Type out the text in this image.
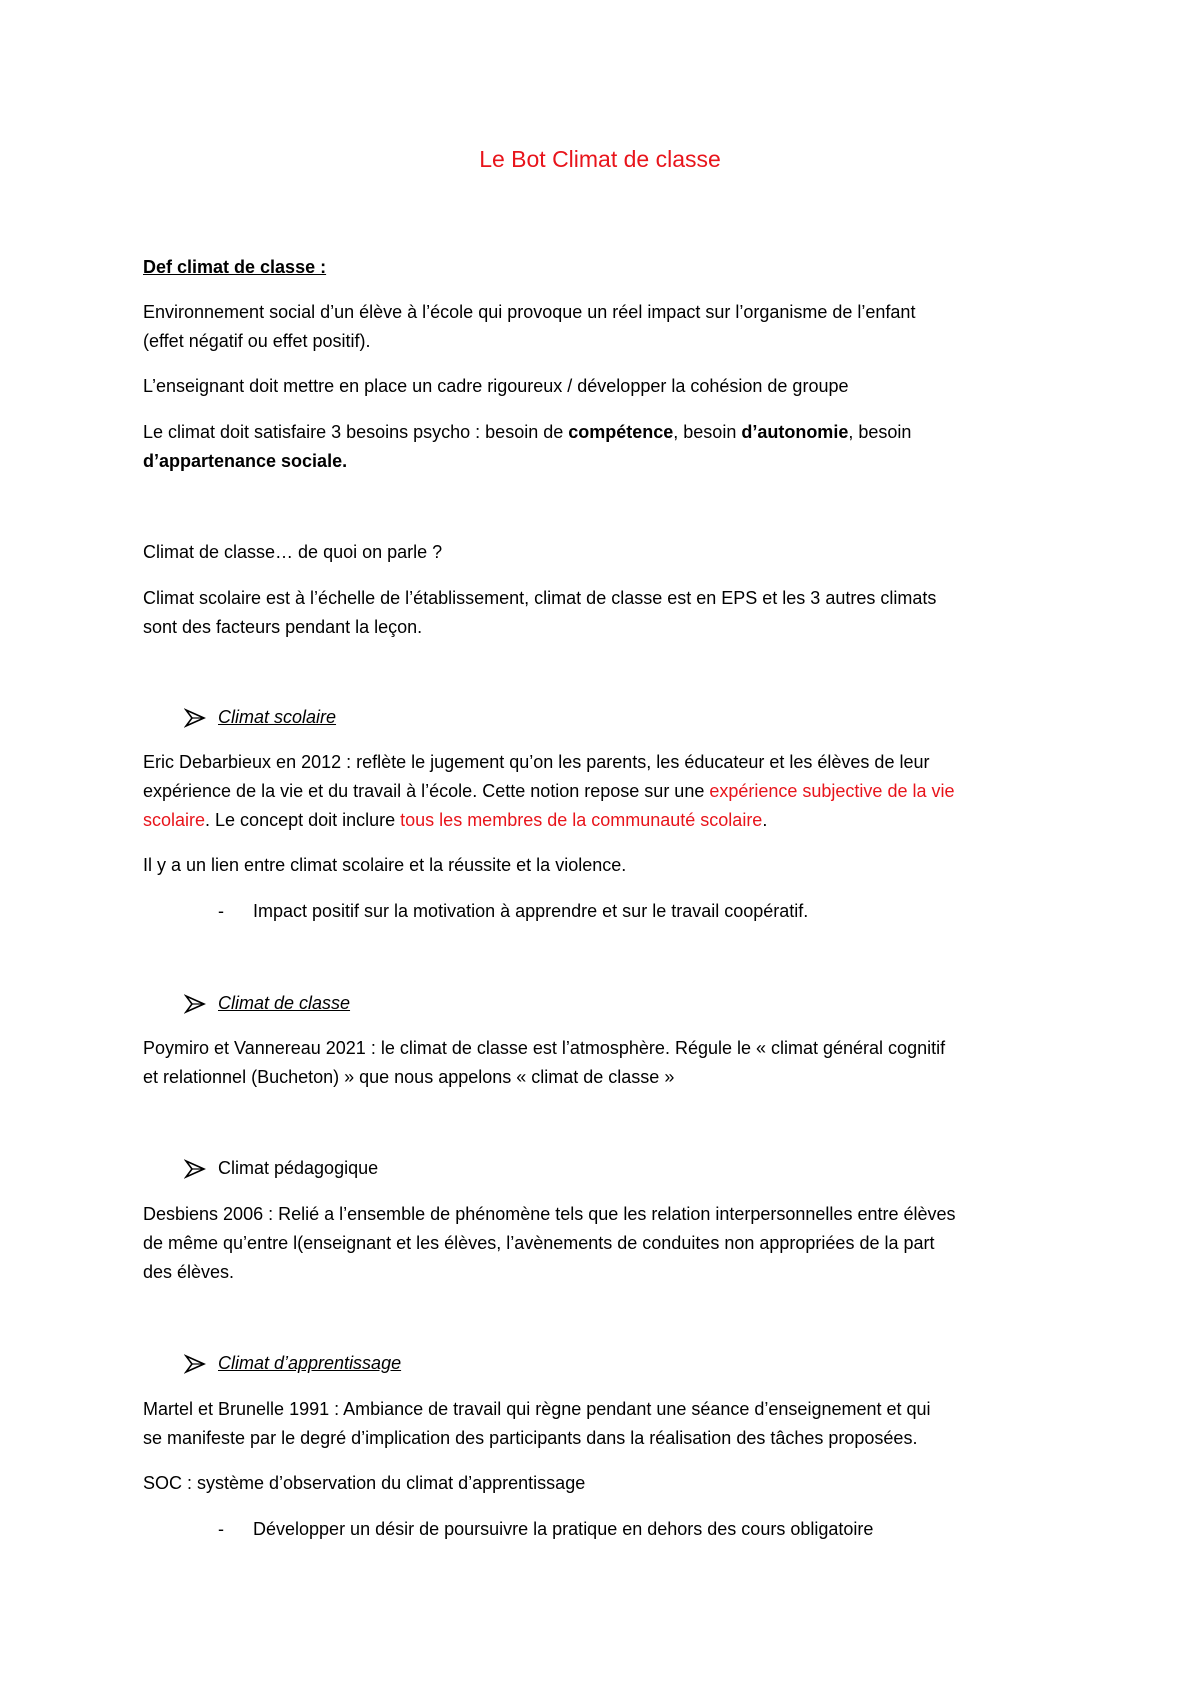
Le Bot Climat de classe

Def climat de classe :

Environnement social d’un élève à l’école qui provoque un réel impact sur l’organisme de l’enfant

(effet négatif ou effet positif).

L’enseignant doit mettre en place un cadre rigoureux / développer la cohésion de groupe

Le climat doit satisfaire 3 besoins psycho : besoin de compétence, besoin d’autonomie, besoin

d’appartenance sociale.

Climat de classe… de quoi on parle ?

Climat scolaire est à l’échelle de l’établissement, climat de classe est en EPS et les 3 autres climats

sont des facteurs pendant la leçon.

Climat scolaire

Eric Debarbieux en 2012 : reflète le jugement qu’on les parents, les éducateur et les élèves de leur

expérience de la vie et du travail à l’école. Cette notion repose sur une expérience subjective de la vie

scolaire. Le concept doit inclure tous les membres de la communauté scolaire.

Il y a un lien entre climat scolaire et la réussite et la violence.

- Impact positif sur la motivation à apprendre et sur le travail coopératif.
Climat de classe

Poymiro et Vannereau 2021 : le climat de classe est l’atmosphère. Régule le « climat général cognitif

et relationnel (Bucheton) » que nous appelons « climat de classe »

Climat pédagogique

Desbiens 2006 : Relié a l’ensemble de phénomène tels que les relation interpersonnelles entre élèves

de même qu’entre l(enseignant et les élèves, l’avènements de conduites non appropriées de la part

des élèves.

Climat d’apprentissage

Martel et Brunelle 1991 : Ambiance de travail qui règne pendant une séance d’enseignement et qui

se manifeste par le degré d’implication des participants dans la réalisation des tâches proposées.

SOC : système d’observation du climat d’apprentissage

- Développer un désir de poursuivre la pratique en dehors des cours obligatoire
